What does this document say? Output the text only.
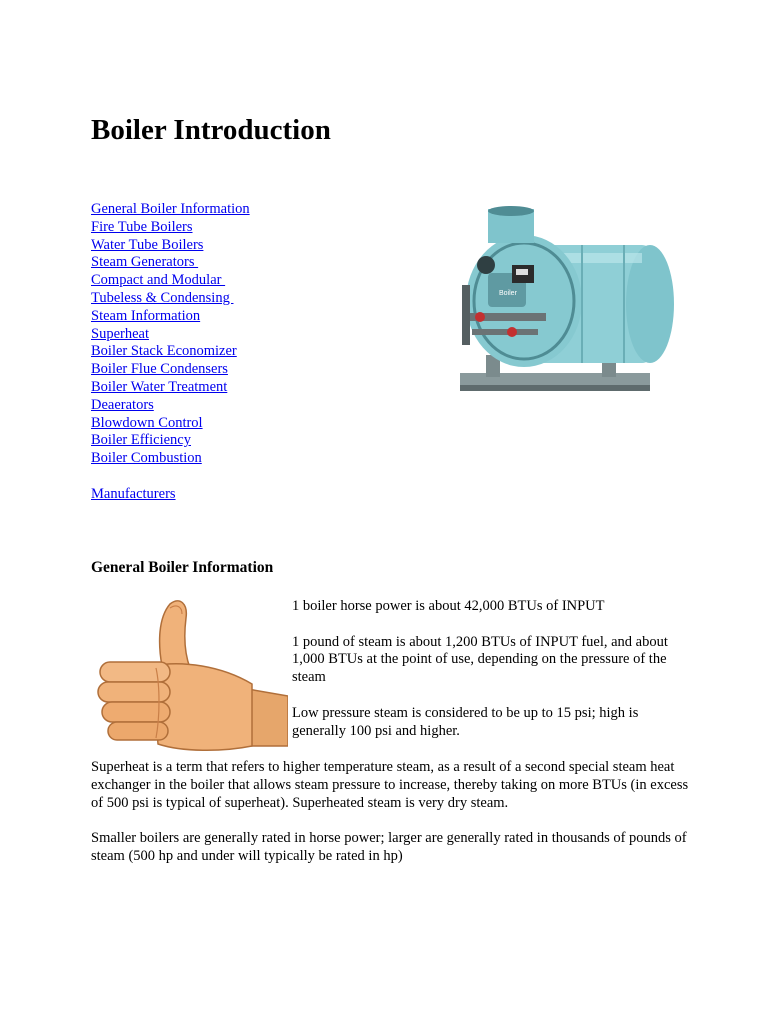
Boiler Introduction
General Boiler Information
Fire Tube Boilers
Water Tube Boilers
Steam Generators
Compact and Modular
Tubeless & Condensing
Steam Information
Superheat
Boiler Stack Economizer
Boiler Flue Condensers
Boiler Water Treatment
Deaerators
Blowdown Control
Boiler Efficiency
Boiler Combustion
Manufacturers
Boiler
General Boiler Information

1 boiler horse power is about 42,000 BTUs of INPUT

1 pound of steam is about 1,200 BTUs of INPUT fuel, and about 1,000 BTUs at the point of use, depending on the pressure of the steam

Low pressure steam is considered to be up to 15 psi; high is generally 100 psi and higher.

Superheat is a term that refers to higher temperature steam, as a result of a second special steam heat exchanger in the boiler that allows steam pressure to increase, thereby taking on more BTUs (in excess of 500 psi is typical of superheat). Superheated steam is very dry steam.

Smaller boilers are generally rated in horse power; larger are generally rated in thousands of pounds of steam (500 hp and under will typically be rated in hp)
